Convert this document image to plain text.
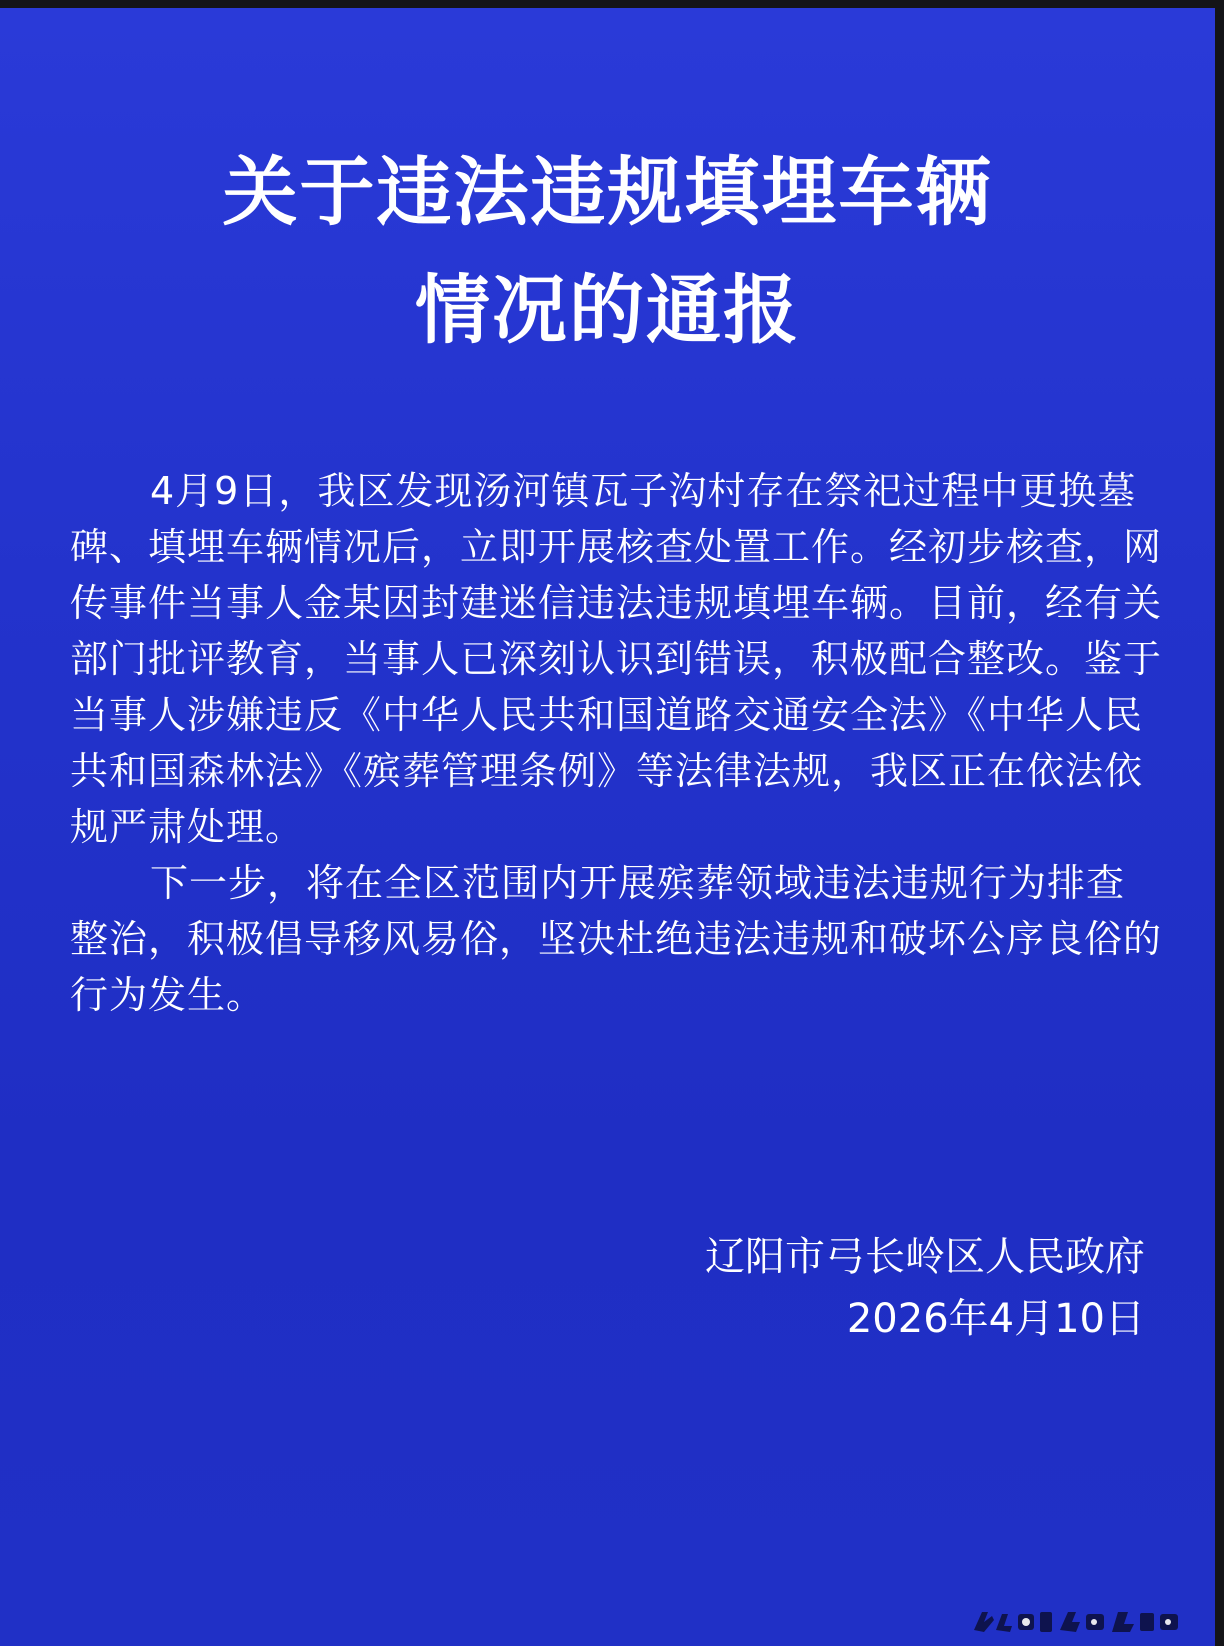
关于违法违规填埋车辆
情况的通报

4月9日，我区发现汤河镇瓦子沟村存在祭祀过程中更换墓碑、填埋车辆情况后，立即开展核查处置工作。经初步核查，网传事件当事人金某因封建迷信违法违规填埋车辆。目前，经有关部门批评教育，当事人已深刻认识到错误，积极配合整改。鉴于当事人涉嫌违反《中华人民共和国道路交通安全法》《中华人民共和国森林法》《殡葬管理条例》等法律法规，我区正在依法依规严肃处理。

下一步，将在全区范围内开展殡葬领域违法违规行为排查整治，积极倡导移风易俗，坚决杜绝违法违规和破坏公序良俗的行为发生。

辽阳市弓长岭区人民政府
2026年4月10日
